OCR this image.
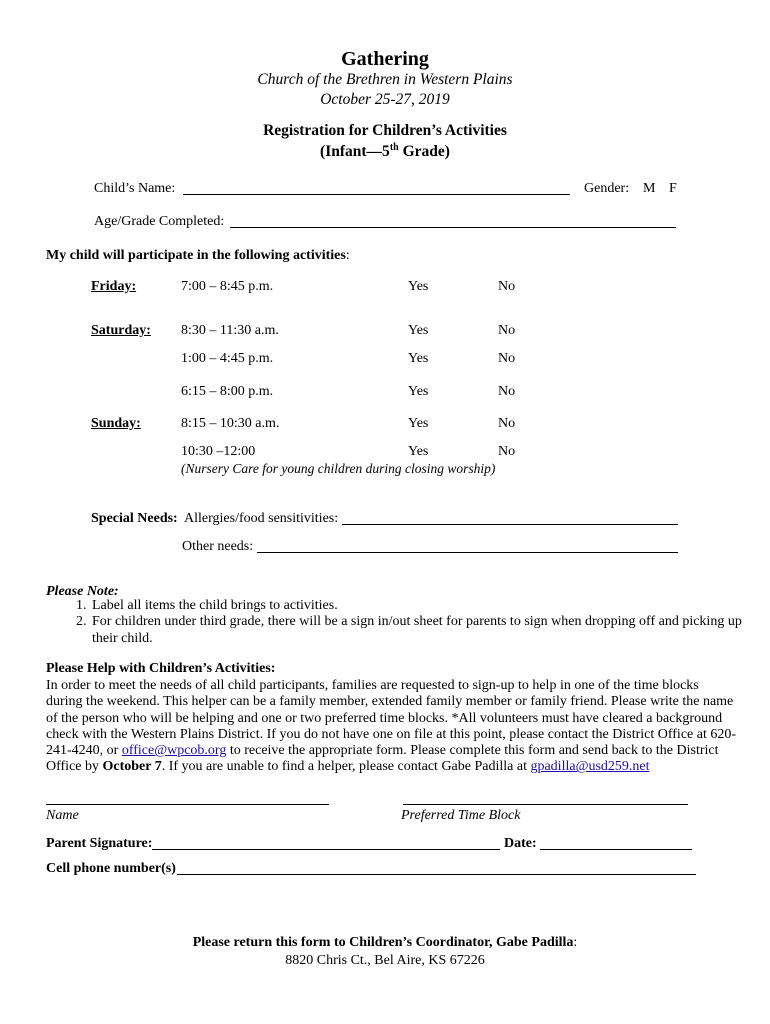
Gathering
Church of the Brethren in Western Plains
October 25-27, 2019
Registration for Children’s Activities
(Infant—5th Grade)
Child’s Name:	Gender: M F
Age/Grade Completed:
My child will participate in the following activities:
Friday:	7:00 – 8:45 p.m.	Yes	No
Saturday: 8:30 – 11:30 a.m.	Yes	No
1:00 – 4:45 p.m.	Yes	No
6:15 – 8:00 p.m.	Yes	No
Sunday:	8:15 – 10:30 a.m.	Yes	No
10:30 –12:00	Yes	No
(Nursery Care for young children during closing worship)
Special Needs: Allergies/food sensitivities:
Other needs:
Please Note:
1. Label all items the child brings to activities.
2. For children under third grade, there will be a sign in/out sheet for parents to sign when dropping off and picking up their child.
Please Help with Children’s Activities:
In order to meet the needs of all child participants, families are requested to sign-up to help in one of the time blocks during the weekend. This helper can be a family member, extended family member or family friend. Please write the name of the person who will be helping and one or two preferred time blocks. *All volunteers must have cleared a background check with the Western Plains District. If you do not have one on file at this point, please contact the District Office at 620-241-4240, or office@wpcob.org to receive the appropriate form. Please complete this form and send back to the District Office by October 7. If you are unable to find a helper, please contact Gabe Padilla at gpadilla@usd259.net
Name	Preferred Time Block
Parent Signature:	Date:
Cell phone number(s)
Please return this form to Children’s Coordinator, Gabe Padilla:
8820 Chris Ct., Bel Aire, KS 67226
